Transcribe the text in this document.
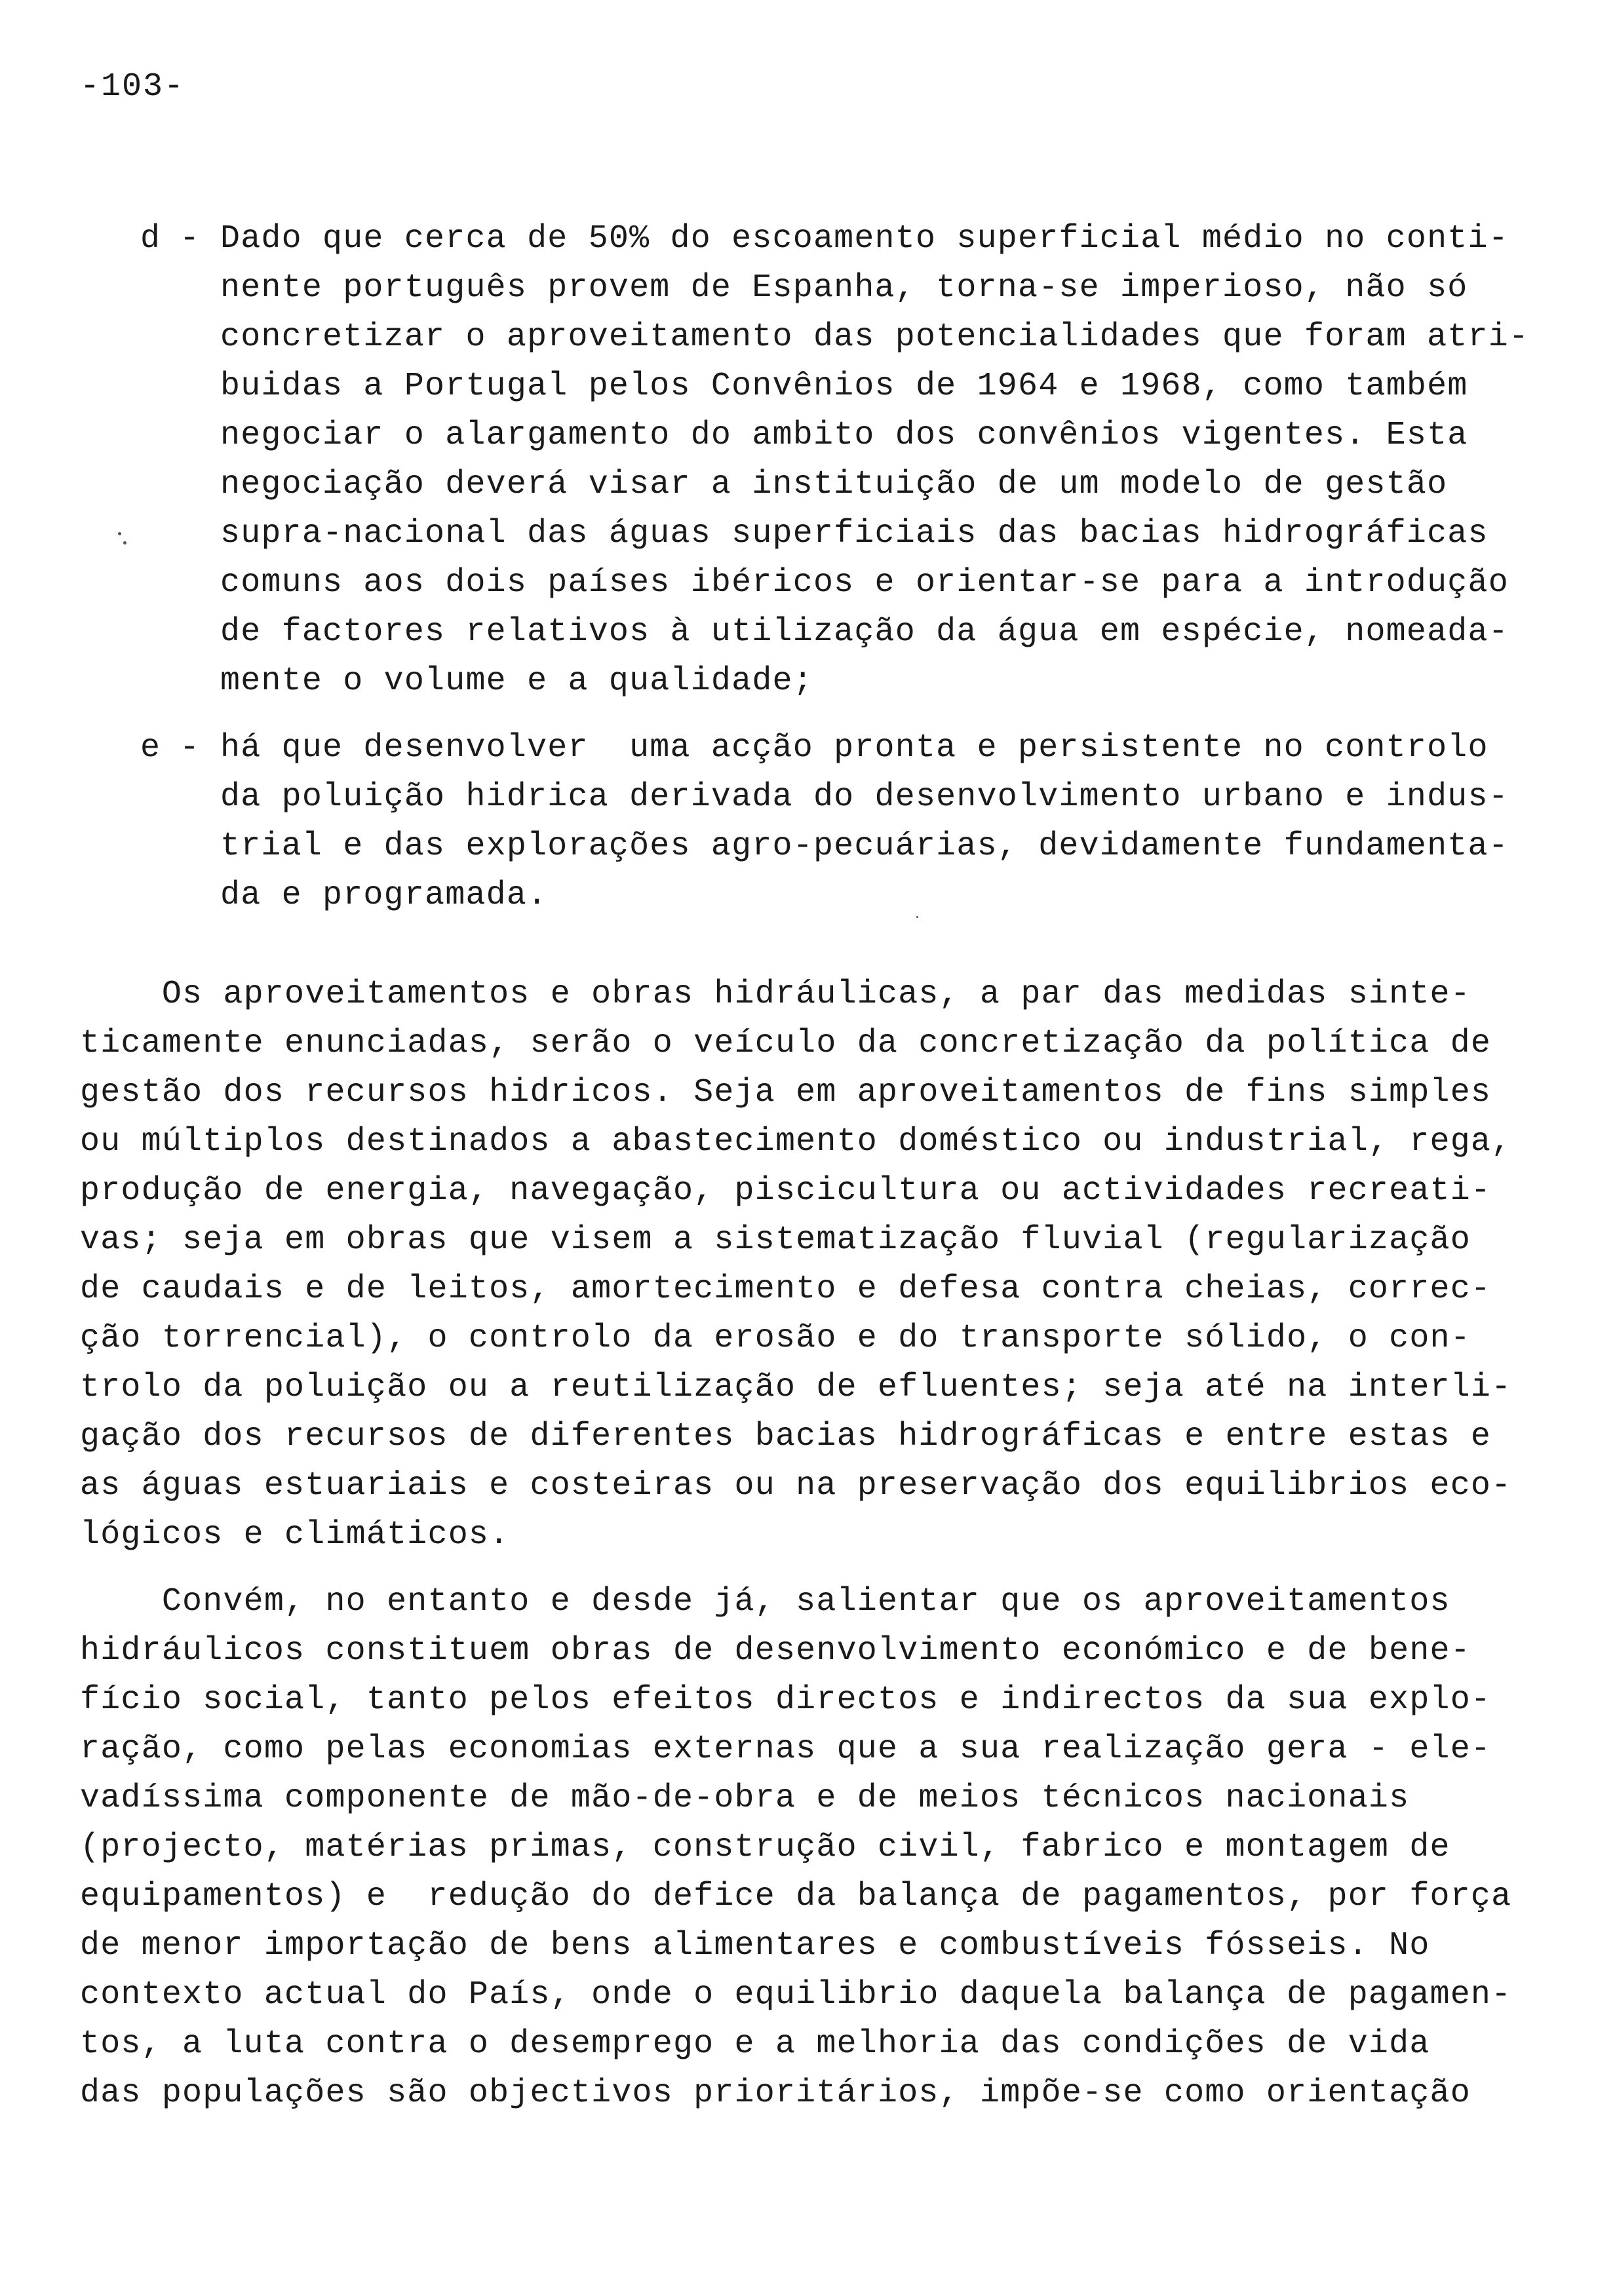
-103-
d - Dado que cerca de 50% do escoamento superficial médio no conti-
nente português provem de Espanha, torna-se imperioso, não só
concretizar o aproveitamento das potencialidades que foram atri-
buidas a Portugal pelos Convênios de 1964 e 1968, como também
negociar o alargamento do ambito dos convênios vigentes. Esta
negociação deverá visar a instituição de um modelo de gestão
supra-nacional das águas superficiais das bacias hidrográficas
comuns aos dois países ibéricos e orientar-se para a introdução
de factores relativos à utilização da água em espécie, nomeada-
mente o volume e a qualidade;
e - há que desenvolver  uma acção pronta e persistente no controlo
da poluição hidrica derivada do desenvolvimento urbano e indus-
trial e das explorações agro-pecuárias, devidamente fundamenta-
da e programada.
Os aproveitamentos e obras hidráulicas, a par das medidas sinte-
ticamente enunciadas, serão o veículo da concretização da política de
gestão dos recursos hidricos. Seja em aproveitamentos de fins simples
ou múltiplos destinados a abastecimento doméstico ou industrial, rega,
produção de energia, navegação, piscicultura ou actividades recreati-
vas; seja em obras que visem a sistematização fluvial (regularização
de caudais e de leitos, amortecimento e defesa contra cheias, correc-
ção torrencial), o controlo da erosão e do transporte sólido, o con-
trolo da poluição ou a reutilização de efluentes; seja até na interli-
gação dos recursos de diferentes bacias hidrográficas e entre estas e
as águas estuariais e costeiras ou na preservação dos equilibrios eco-
lógicos e climáticos.
Convém, no entanto e desde já, salientar que os aproveitamentos
hidráulicos constituem obras de desenvolvimento económico e de bene-
fício social, tanto pelos efeitos directos e indirectos da sua explo-
ração, como pelas economias externas que a sua realização gera - ele-
vadíssima componente de mão-de-obra e de meios técnicos nacionais
(projecto, matérias primas, construção civil, fabrico e montagem de
equipamentos) e  redução do defice da balança de pagamentos, por força
de menor importação de bens alimentares e combustíveis fósseis. No
contexto actual do País, onde o equilibrio daquela balança de pagamen-
tos, a luta contra o desemprego e a melhoria das condições de vida
das populações são objectivos prioritários, impõe-se como orientação
